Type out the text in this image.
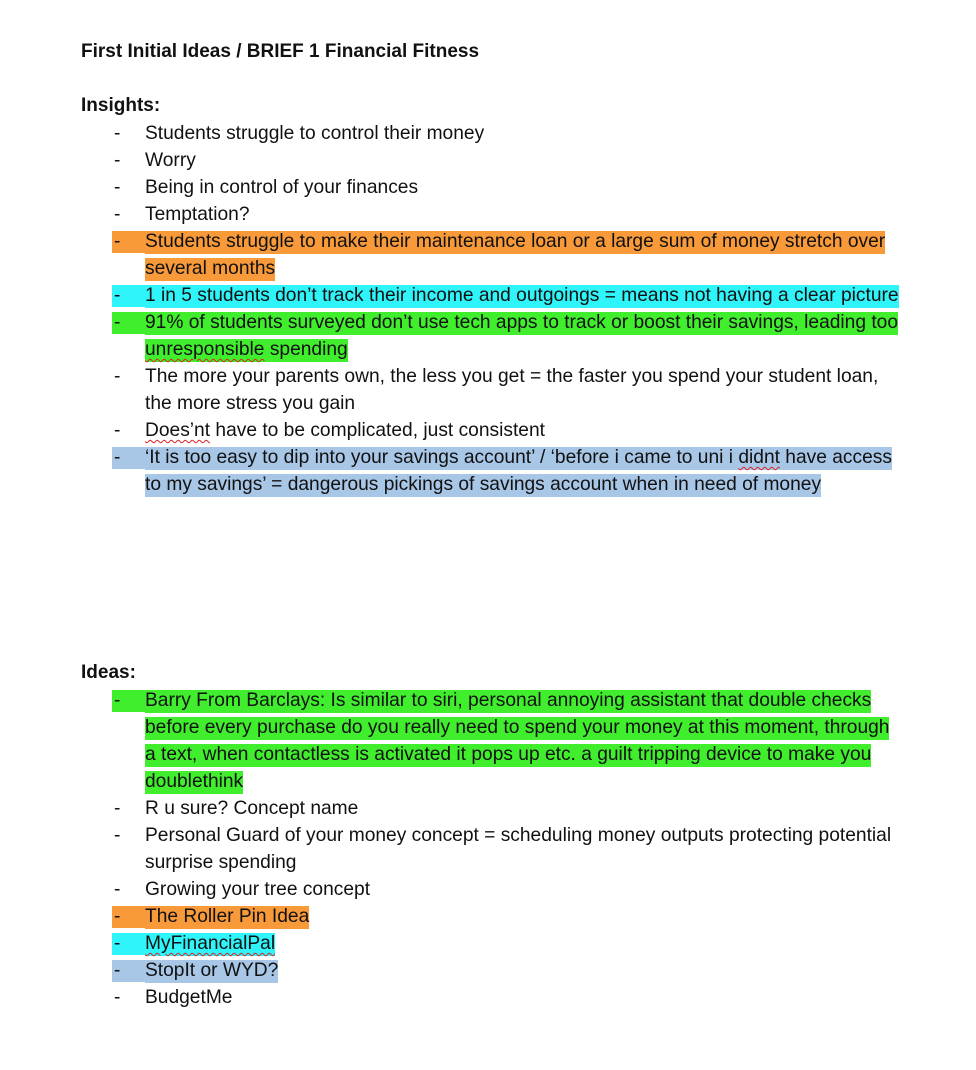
First Initial Ideas / BRIEF 1 Financial Fitness
Insights:
-	Students struggle to control their money
-	Worry
-	Being in control of your finances
-	Temptation?
-	Students struggle to make their maintenance loan or a large sum of money stretch over several months
-	1 in 5 students don’t track their income and outgoings = means not having a clear picture
-	91% of students surveyed don’t use tech apps to track or boost their savings, leading too unresponsible spending
-	The more your parents own, the less you get = the faster you spend your student loan, the more stress you gain
-	Does’nt have to be complicated, just consistent
-	‘It is too easy to dip into your savings account’ / ‘before i came to uni i didnt have access to my savings’ = dangerous pickings of savings account when in need of money
Ideas:
-	Barry From Barclays: Is similar to siri, personal annoying assistant that double checks before every purchase do you really need to spend your money at this moment, through a text, when contactless is activated it pops up etc. a guilt tripping device to make you doublethink
-	R u sure? Concept name
-	Personal Guard of your money concept = scheduling money outputs protecting potential surprise spending
-	Growing your tree concept
-	The Roller Pin Idea
-	MyFinancialPal
-	StopIt or WYD?
-	BudgetMe
